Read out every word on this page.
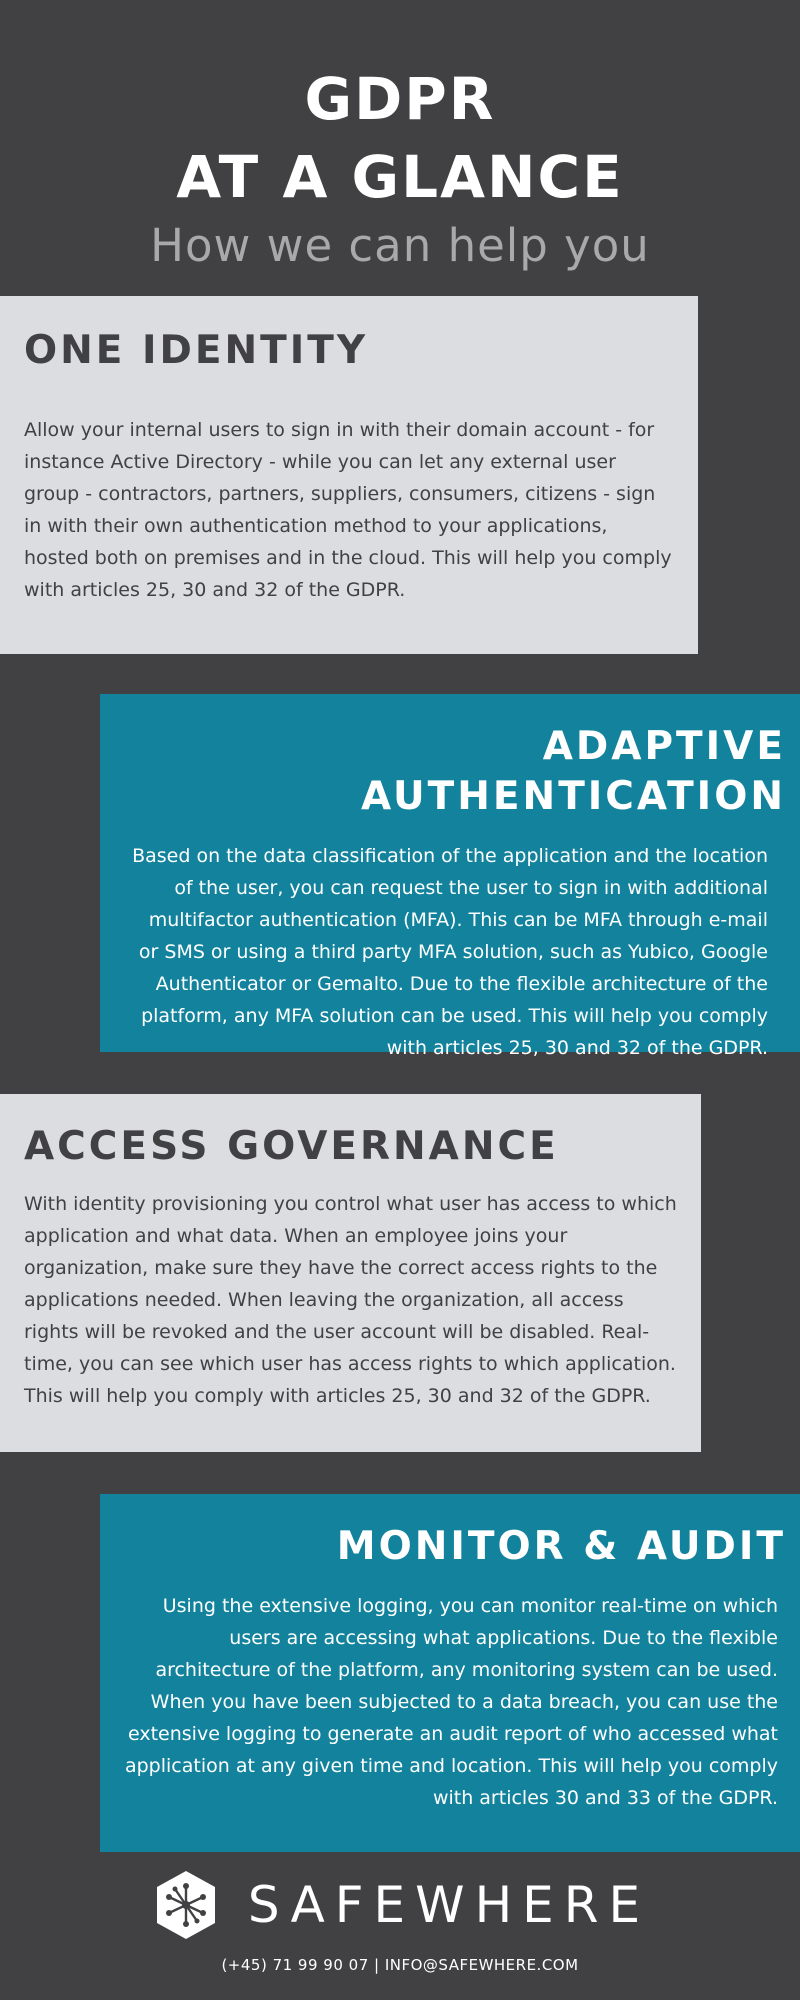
GDPR
AT A GLANCE
How we can help you
ONE IDENTITY

Allow your internal users to sign in with their domain account - for instance Active Directory - while you can let any external user group - contractors, partners, suppliers, consumers, citizens - sign in with their own authentication method to your applications, hosted both on premises and in the cloud. This will help you comply with articles 25, 30 and 32 of the GDPR.

ADAPTIVE AUTHENTICATION

Based on the data classification of the application and the location of the user, you can request the user to sign in with additional multifactor authentication (MFA). This can be MFA through e-mail or SMS or using a third party MFA solution, such as Yubico, Google Authenticator or Gemalto. Due to the flexible architecture of the platform, any MFA solution can be used. This will help you comply with articles 25, 30 and 32 of the GDPR.

ACCESS GOVERNANCE

With identity provisioning you control what user has access to which application and what data. When an employee joins your organization, make sure they have the correct access rights to the applications needed. When leaving the organization, all access rights will be revoked and the user account will be disabled. Real-time, you can see which user has access rights to which application. This will help you comply with articles 25, 30 and 32 of the GDPR.

MONITOR & AUDIT

Using the extensive logging, you can monitor real-time on which users are accessing what applications. Due to the flexible architecture of the platform, any monitoring system can be used. When you have been subjected to a data breach, you can use the extensive logging to generate an audit report of who accessed what application at any given time and location. This will help you comply with articles 30 and 33 of the GDPR.

SAFEWHERE
(+45) 71 99 90 07 | INFO@SAFEWHERE.COM
